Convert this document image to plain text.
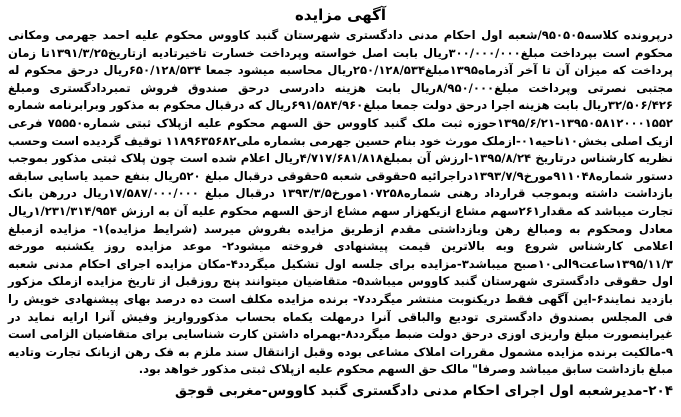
آگهی مزایده

درپرونده کلاسه۹۵۰۵۰۵/شعبه اول احکام مدنی دادگستری شهرستان گنبد کاووس محکوم علیه احمد جهرمی ومکانی محکوم است بپرداخت مبلغ۳۰۰/۰۰۰/۰۰۰ریال بابت اصل خواسته وپرداخت خسارت تاخیرتادیه ازتاریخ۱۳۹۱/۳/۲۵تا زمان پرداخت که میزان آن تا آخر آذرماه۱۳۹۵مبلغ۲۵۰/۱۲۸/۵۳۴ریال محاسبه میشود جمعا ۶۵۰/۱۲۸/۵۳۴ریال درحق محکوم له مجتبی نصرتی وپرداخت مبلغ۸/۹۵۰/۰۰۰ریال بابت هزینه دادرسی درحق صندوق فروش تمبردادگستری ومبلغ ۳۲/۵۰۶/۴۲۶ریال بابت هزینه اجرا درحق دولت جمعا مبلغ۶۹۱/۵۸۴/۹۶۰ریال که درقبال محکوم به مذکور وبرابرنامه شماره ۱۳۹۵۰۵۸۱۲۰۰۰۱۵۵۲-۱۳۹۵/۶/۲۱حوزه ثبت ملک گنبد کاووس حق السهم محکوم علیه ازپلاک ثبتی شماره۷۵۵۵۰ فرعی ازیک اصلی بخش۱۰ناحیه۰۱-ازملک مورث خود بنام حسین جهرمی بشماره ملی۱۱۸۹۶۳۵۶۸۲ توقیف گردیده است وحسب نظریه کارشناس درتاریخ ۱۳۹۵/۸/۲۴-ارزش آن بمبلغ۴/۷۱۷/۶۸۱/۸۱۸ریال اعلام شده است چون پلاک ثبتی مذکور بموجب دستور شماره۹۱۱۰۴۸مورخ۱۳۹۳/۷/۹دراجرائیه ۵حقوقی شعبه ۵حقوقی درقبال مبلغ ۵۲۰ریال بنفع حمید یاسایی سابقه بازداشت داشته وبموجب قرارداد رهنی شماره۱۰۷۲۵۸مورخ۱۳۹۳/۳/۵ درقبال مبلغ ۱۷/۵۸۷/۰۰۰/۰۰۰ریال دررهن بانک تجارت میباشد که مقدار۲۶۱سهم مشاع ازیکهزار سهم مشاع ازحق السهم محکوم علیه آن به ارزش ۱/۲۳۱/۳۱۴/۹۵۴ریال معادل ومحکوم به ومبالغ رهن وبازداشتی مقدم ازطریق مزایده بفروش میرسد (شرایط مزایده)۱- مزایده ازمبلغ اعلامی کارشناس شروع وبه بالاترین قیمت پیشنهادی فروخته میشود۲- موعد مزایده روز یکشنبه مورخه ۱۳۹۵/۱۱/۳ساعت۹الی۱۰صبح میباشد۳-مزایده برای جلسه اول تشکیل میگردد۴-مکان مزایده اجرای احکام مدنی شعبه اول حقوقی دادگستری شهرستان گنبد کاووس میباشد۵- متقاضیان میتوانند پنج روزقبل از تاریخ مزایده ازملک مزکور بازدید نمایند۶-این آگهی فقط دریکنوبت منتشر میگردد۷- برنده مزایده مکلف است ده درصد بهای پیشنهادی خویش را فی المجلس بصندوق دادگستری تودیع والباقی آنرا درمهلت یکماه بحساب مذکورواریز وفیش آنرا ارایه نماید در غیراینصورت مبلغ واریزی اوزی درحق دولت ضبط میگردد۸-بهمراه داشتن کارت شناسایی برای متقاضیان الزامی است ۹-مالکیت برنده مزایده مشمول مقررات املاک مشاعی بوده وقبل ازانتقال سند ملزم به فک رهن ازبانک تجارت وتادیه مبلغ بازداشت سابق میباشد وصرفا" مالک حق السهم محکوم علیه ازپلاک ثبتی مذکور خواهد بود.

۲۰۴-مدیرشعبه اول اجرای احکام مدنی دادگستری گنبد کاووس-مغربی قوجق
